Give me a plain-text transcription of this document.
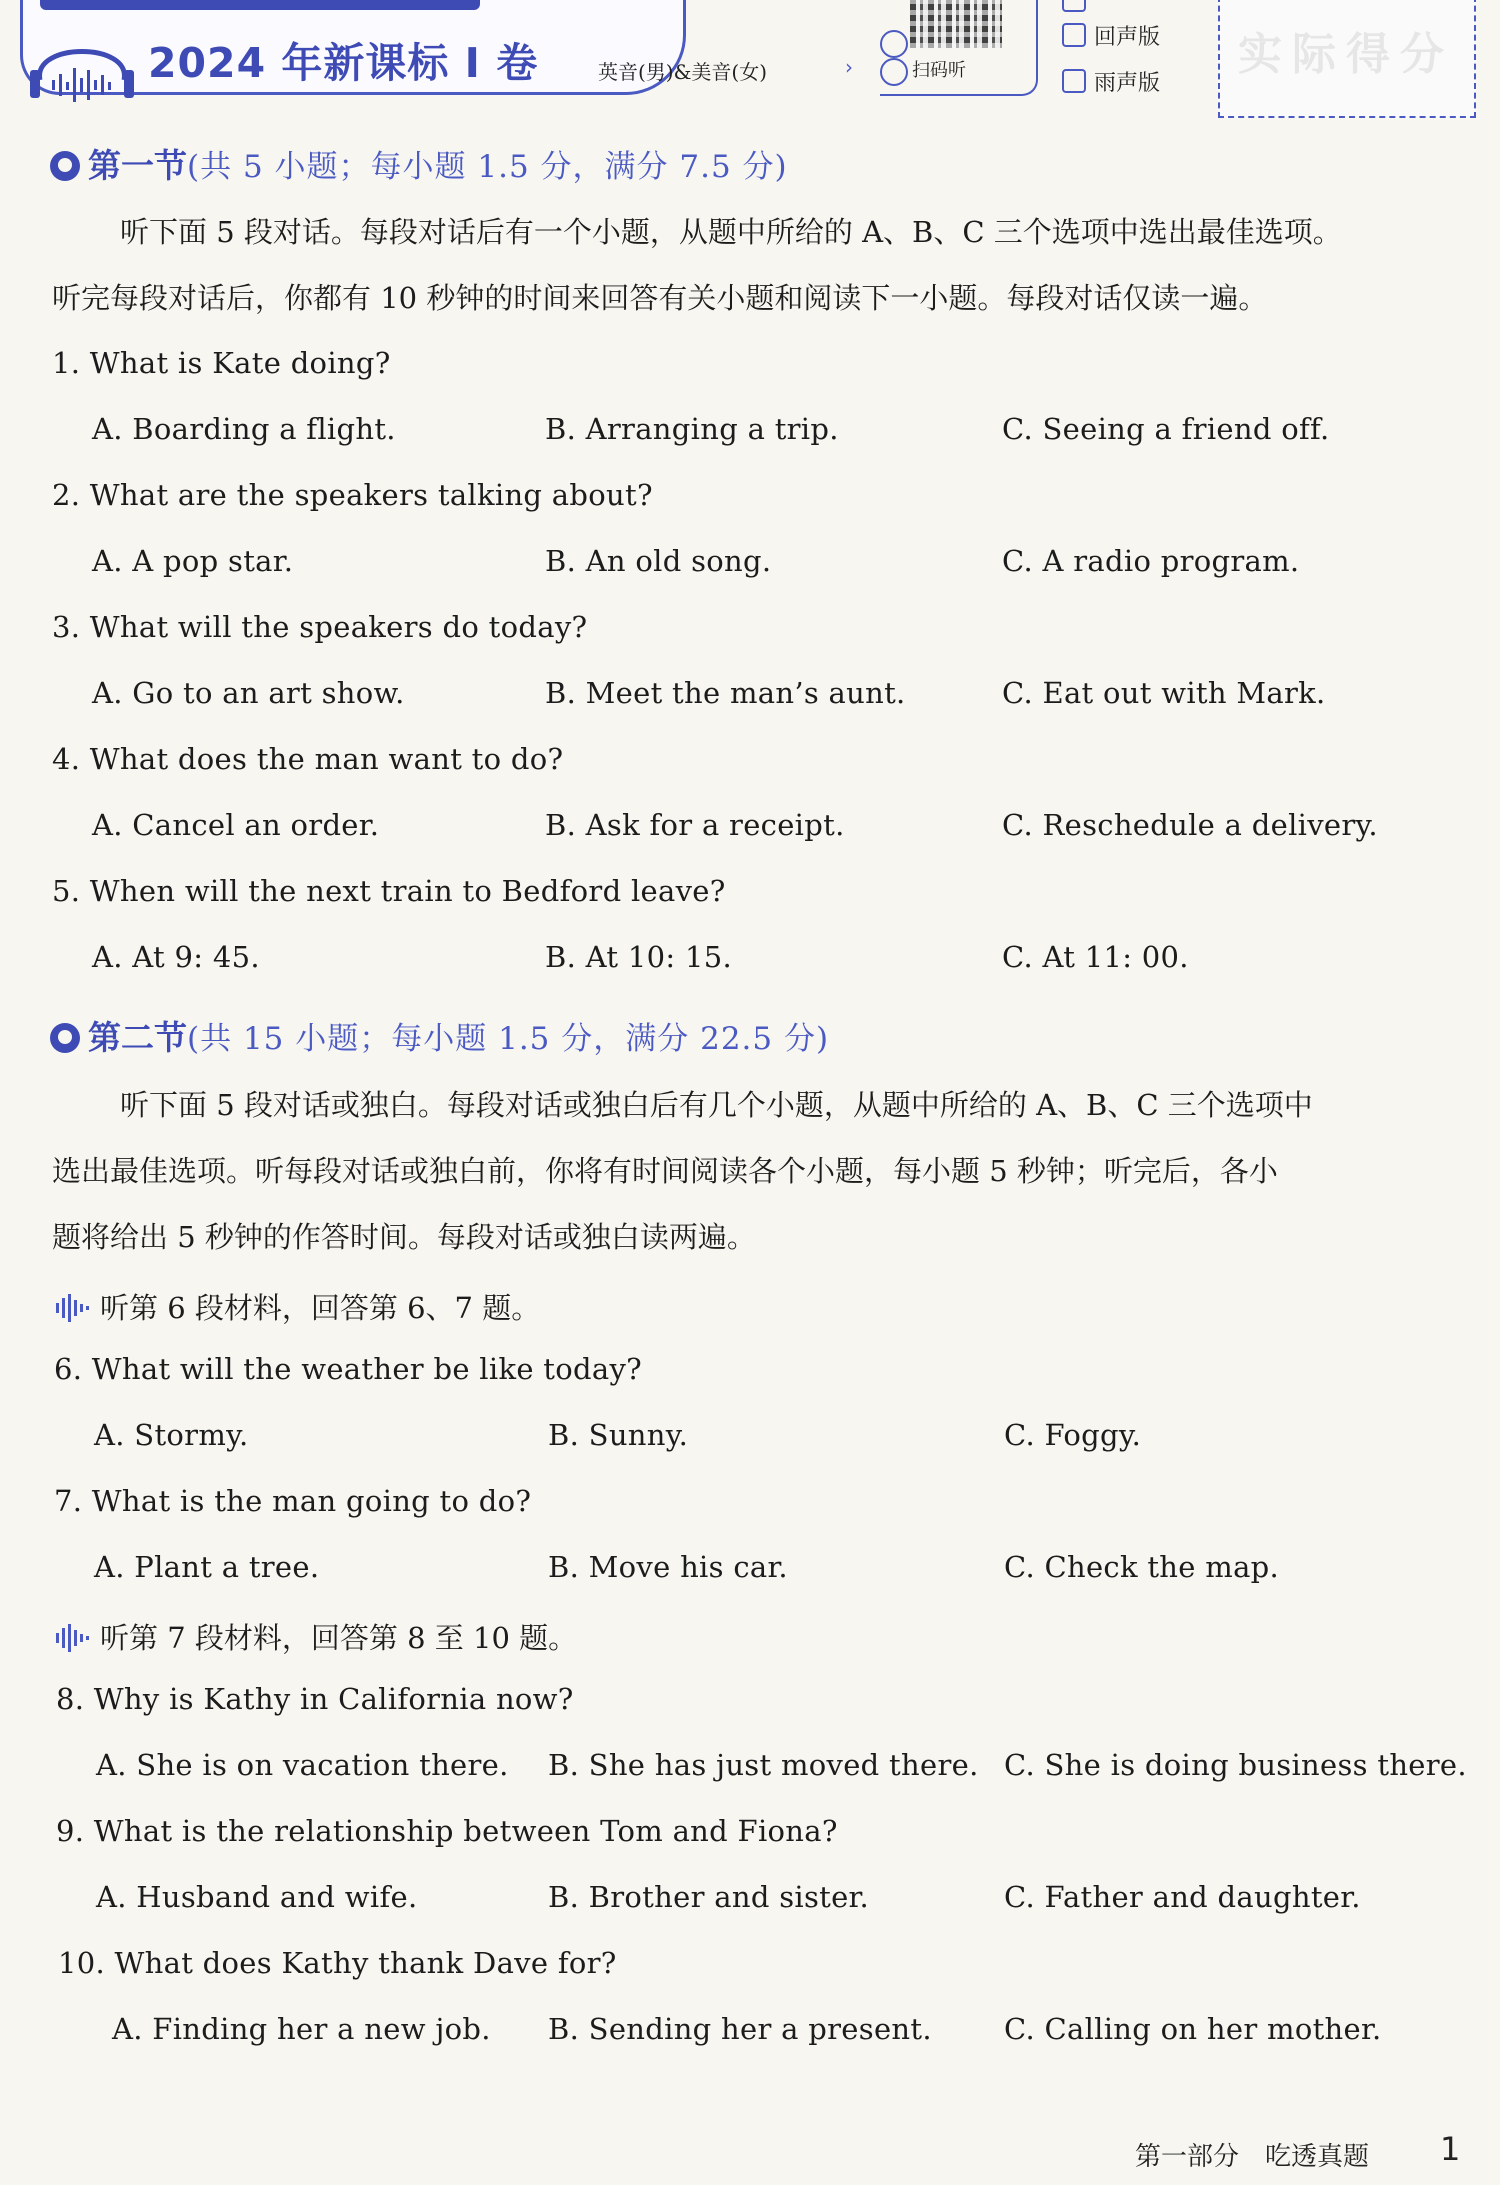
2024 年新课标 I 卷	英音(男)&美音(女)	›	扫码听
回声版
雨声版
实际得分
第一节(共 5 小题；每小题 1.5 分，满分 7.5 分)
听下面 5 段对话。每段对话后有一个小题，从题中所给的 A、B、C 三个选项中选出最佳选项。
听完每段对话后，你都有 10 秒钟的时间来回答有关小题和阅读下一小题。每段对话仅读一遍。
1. What is Kate doing?
A. Boarding a flight.	B. Arranging a trip.	C. Seeing a friend off.
2. What are the speakers talking about?
A. A pop star.	B. An old song.	C. A radio program.
3. What will the speakers do today?
A. Go to an art show.	B. Meet the man’s aunt.	C. Eat out with Mark.
4. What does the man want to do?
A. Cancel an order.	B. Ask for a receipt.	C. Reschedule a delivery.
5. When will the next train to Bedford leave?
A. At 9: 45.	B. At 10: 15.	C. At 11: 00.
第二节(共 15 小题；每小题 1.5 分，满分 22.5 分)
听下面 5 段对话或独白。每段对话或独白后有几个小题，从题中所给的 A、B、C 三个选项中
选出最佳选项。听每段对话或独白前，你将有时间阅读各个小题，每小题 5 秒钟；听完后，各小
题将给出 5 秒钟的作答时间。每段对话或独白读两遍。
听第 6 段材料，回答第 6、7 题。
6. What will the weather be like today?
A. Stormy.	B. Sunny.	C. Foggy.
7. What is the man going to do?
A. Plant a tree.	B. Move his car.	C. Check the map.
听第 7 段材料，回答第 8 至 10 题。
8. Why is Kathy in California now?
A. She is on vacation there. B. She has just moved there. C. She is doing business there.
9. What is the relationship between Tom and Fiona?
A. Husband and wife.	B. Brother and sister.	C. Father and daughter.
10. What does Kathy thank Dave for?
A. Finding her a new job. B. Sending her a present. C. Calling on her mother.
第一部分　吃透真题 1
